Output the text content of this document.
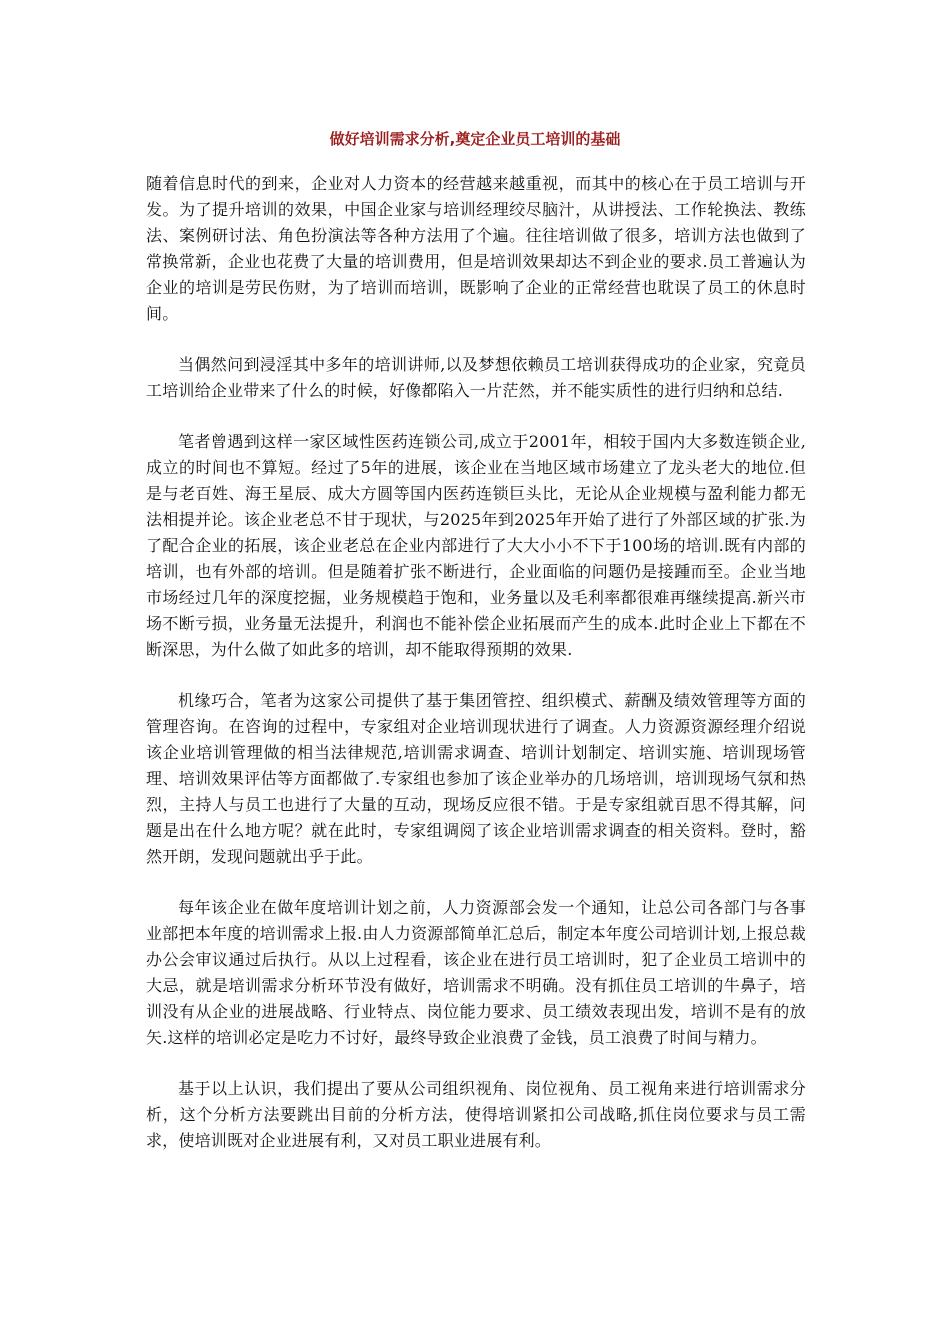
做好培训需求分析,奠定企业员工培训的基础

随着信息时代的到来，企业对人力资本的经营越来越重视，而其中的核心在于员工培训与开发。为了提升培训的效果，中国企业家与培训经理绞尽脑汁，从讲授法、工作轮换法、教练法、案例研讨法、角色扮演法等各种方法用了个遍。往往培训做了很多，培训方法也做到了常换常新，企业也花费了大量的培训费用，但是培训效果却达不到企业的要求.员工普遍认为企业的培训是劳民伤财，为了培训而培训，既影响了企业的正常经营也耽误了员工的休息时间。

当偶然问到浸淫其中多年的培训讲师,以及梦想依赖员工培训获得成功的企业家，究竟员工培训给企业带来了什么的时候，好像都陷入一片茫然，并不能实质性的进行归纳和总结.

笔者曾遇到这样一家区域性医药连锁公司,成立于2001年，相较于国内大多数连锁企业,成立的时间也不算短。经过了5年的进展，该企业在当地区域市场建立了龙头老大的地位.但是与老百姓、海王星辰、成大方圆等国内医药连锁巨头比，无论从企业规模与盈利能力都无法相提并论。该企业老总不甘于现状，与2025年到2025年开始了进行了外部区域的扩张.为了配合企业的拓展，该企业老总在企业内部进行了大大小小不下于100场的培训.既有内部的培训，也有外部的培训。但是随着扩张不断进行，企业面临的问题仍是接踵而至。企业当地市场经过几年的深度挖掘，业务规模趋于饱和，业务量以及毛利率都很难再继续提高.新兴市场不断亏损，业务量无法提升，利润也不能补偿企业拓展而产生的成本.此时企业上下都在不断深思，为什么做了如此多的培训，却不能取得预期的效果.

机缘巧合，笔者为这家公司提供了基于集团管控、组织模式、薪酬及绩效管理等方面的管理咨询。在咨询的过程中，专家组对企业培训现状进行了调查。人力资源资源经理介绍说该企业培训管理做的相当法律规范,培训需求调查、培训计划制定、培训实施、培训现场管理、培训效果评估等方面都做了.专家组也参加了该企业举办的几场培训，培训现场气氛和热烈，主持人与员工也进行了大量的互动，现场反应很不错。于是专家组就百思不得其解，问题是出在什么地方呢？就在此时，专家组调阅了该企业培训需求调查的相关资料。登时，豁然开朗，发现问题就出乎于此。

每年该企业在做年度培训计划之前，人力资源部会发一个通知，让总公司各部门与各事业部把本年度的培训需求上报.由人力资源部简单汇总后，制定本年度公司培训计划,上报总裁办公会审议通过后执行。从以上过程看，该企业在进行员工培训时，犯了企业员工培训中的大忌，就是培训需求分析环节没有做好，培训需求不明确。没有抓住员工培训的牛鼻子，培训没有从企业的进展战略、行业特点、岗位能力要求、员工绩效表现出发，培训不是有的放矢.这样的培训必定是吃力不讨好，最终导致企业浪费了金钱，员工浪费了时间与精力。

基于以上认识，我们提出了要从公司组织视角、岗位视角、员工视角来进行培训需求分析，这个分析方法要跳出目前的分析方法，使得培训紧扣公司战略,抓住岗位要求与员工需求，使培训既对企业进展有利，又对员工职业进展有利。
